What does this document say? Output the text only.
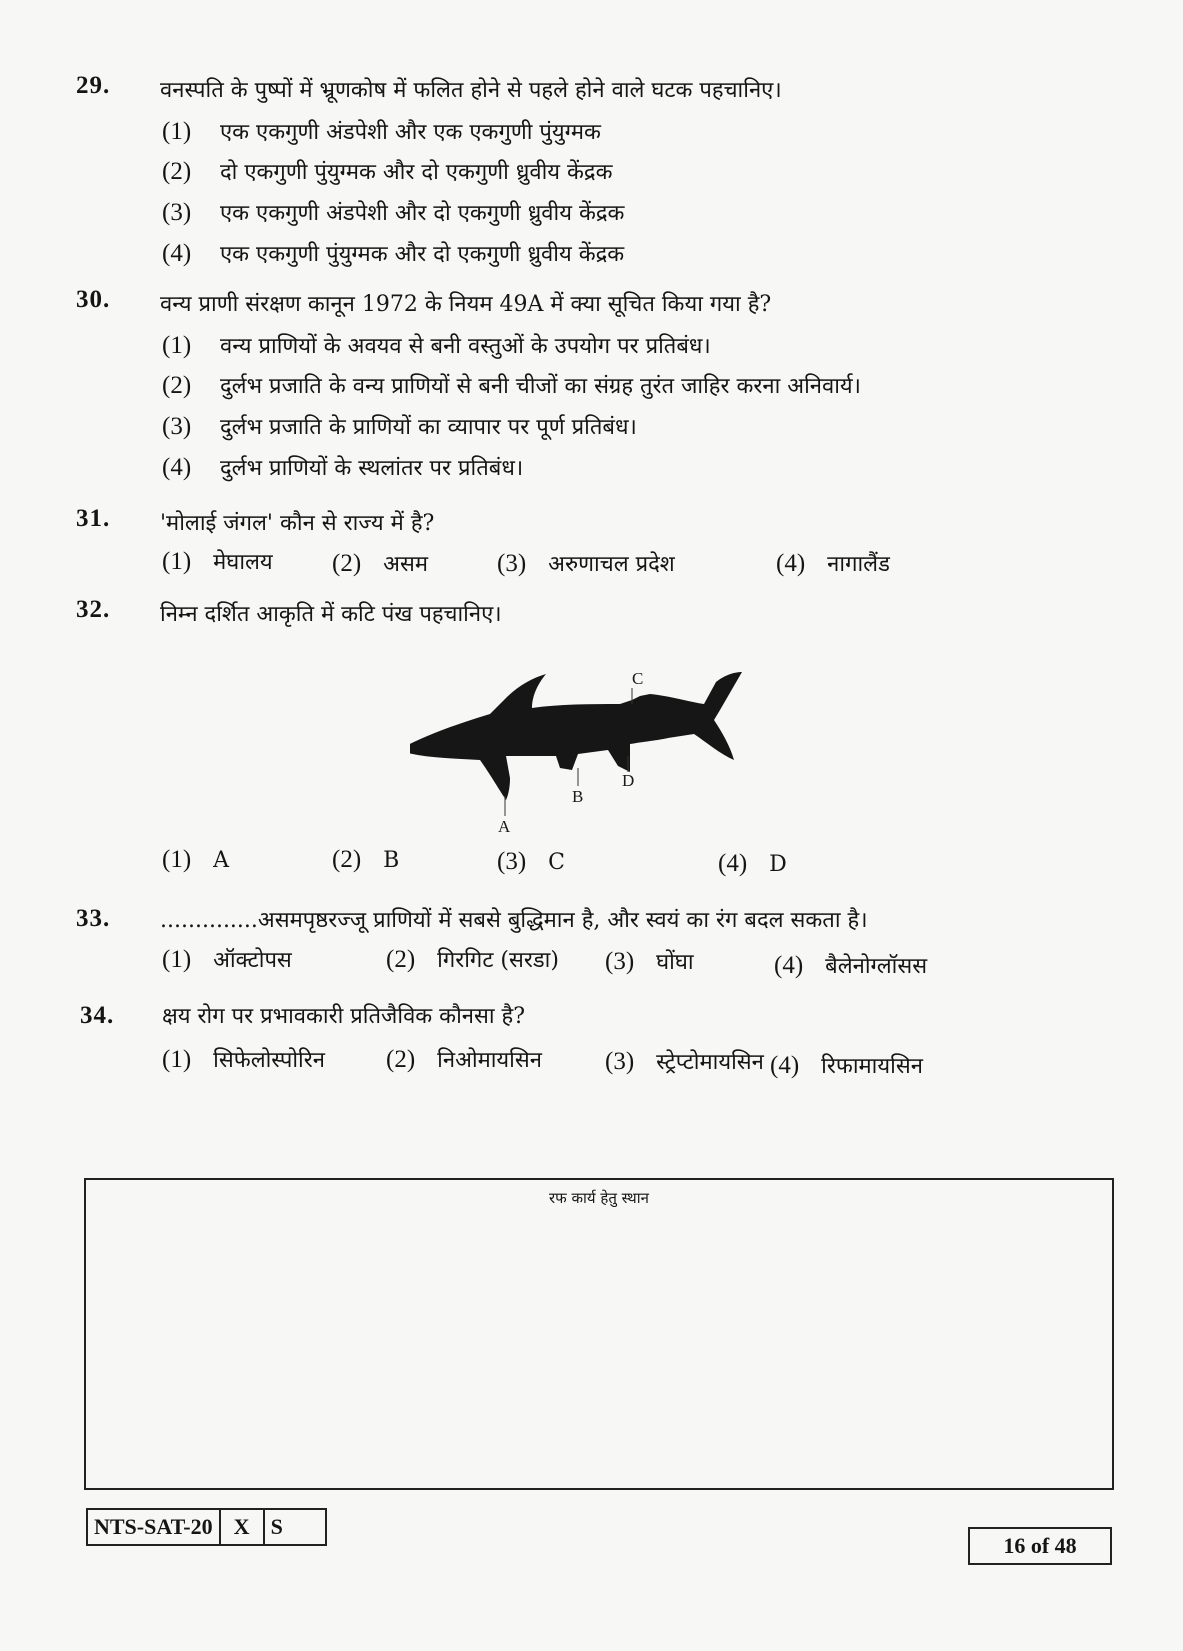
29. वनस्पति के पुष्पों में भ्रूणकोष में फलित होने से पहले होने वाले घटक पहचानिए।
(1) एक एकगुणी अंडपेशी और एक एकगुणी पुंयुग्मक
(2) दो एकगुणी पुंयुग्मक और दो एकगुणी ध्रुवीय केंद्रक
(3) एक एकगुणी अंडपेशी और दो एकगुणी ध्रुवीय केंद्रक
(4) एक एकगुणी पुंयुग्मक और दो एकगुणी ध्रुवीय केंद्रक
30. वन्य प्राणी संरक्षण कानून 1972 के नियम 49A में क्या सूचित किया गया है?
(1) वन्य प्राणियों के अवयव से बनी वस्तुओं के उपयोग पर प्रतिबंध।
(2) दुर्लभ प्रजाति के वन्य प्राणियों से बनी चीजों का संग्रह तुरंत जाहिर करना अनिवार्य।
(3) दुर्लभ प्रजाति के प्राणियों का व्यापार पर पूर्ण प्रतिबंध।
(4) दुर्लभ प्राणियों के स्थलांतर पर प्रतिबंध।
31. 'मोलाई जंगल' कौन से राज्य में है?
(1) मेघालय (2) असम	(3) अरुणाचल प्रदेश	(4) नागालैंड
32. निम्न दर्शित आकृति में कटि पंख पहचानिए।
A
B
C
D
(1) A	(2) B	(3) C	(4) D
33. ..............असमपृष्ठरज्जू प्राणियों में सबसे बुद्धिमान है, और स्वयं का रंग बदल सकता है।
(1) ऑक्टोपस	(2) गिरगिट (सरडा) (3) घोंघा	(4) बैलेनोग्लॉसस
34. क्षय रोग पर प्रभावकारी प्रतिजैविक कौनसा है?
(1) सिफेलोस्पोरिन (2) निओमायसिन	(3) स्ट्रेप्टोमायसिन (4) रिफामायसिन
रफ कार्य हेतु स्थान
NTS-SAT-20 X S
16 of 48
